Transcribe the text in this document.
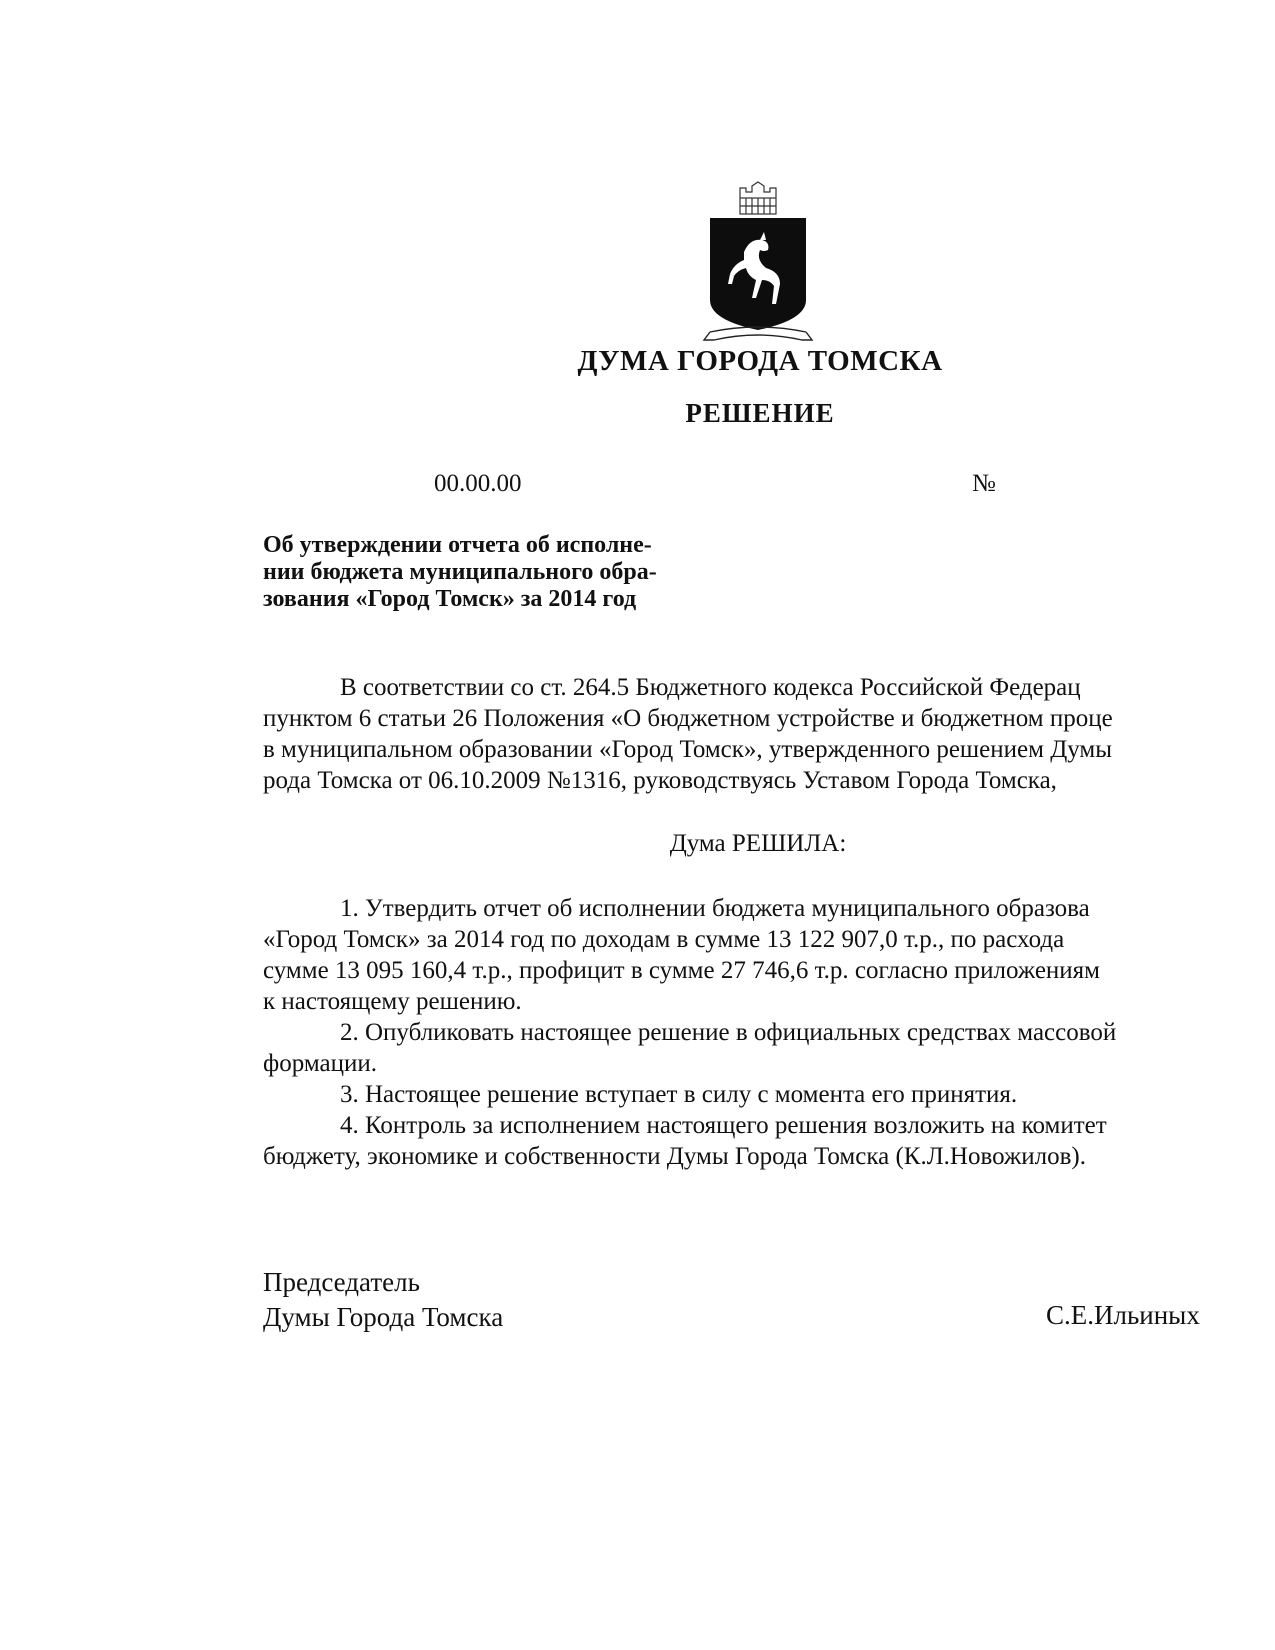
ДУМА ГОРОДА ТОМСКА
РЕШЕНИЕ
00.00.00	№
Об утверждении отчета об исполне-
нии бюджета муниципального обра-
зования «Город Томск» за 2014 год
В соответствии со ст. 264.5 Бюджетного кодекса Российской Федерац
пунктом 6 статьи 26 Положения «О бюджетном устройстве и бюджетном проце
в муниципальном образовании «Город Томск», утвержденного решением Думы
рода Томска от 06.10.2009 №1316, руководствуясь Уставом Города Томска,
Дума РЕШИЛА:
1. Утвердить отчет об исполнении бюджета муниципального образова
«Город Томск» за 2014 год по доходам в сумме 13 122 907,0 т.р., по расхода
сумме 13 095 160,4 т.р., профицит в сумме 27 746,6 т.р. согласно приложениям
к настоящему решению.
2. Опубликовать настоящее решение в официальных средствах массовой
формации.
3. Настоящее решение вступает в силу с момента его принятия.
4. Контроль за исполнением настоящего решения возложить на комитет
бюджету, экономике и собственности Думы Города Томска (К.Л.Новожилов).
Председатель
Думы Города Томска	С.Е.Ильиных
